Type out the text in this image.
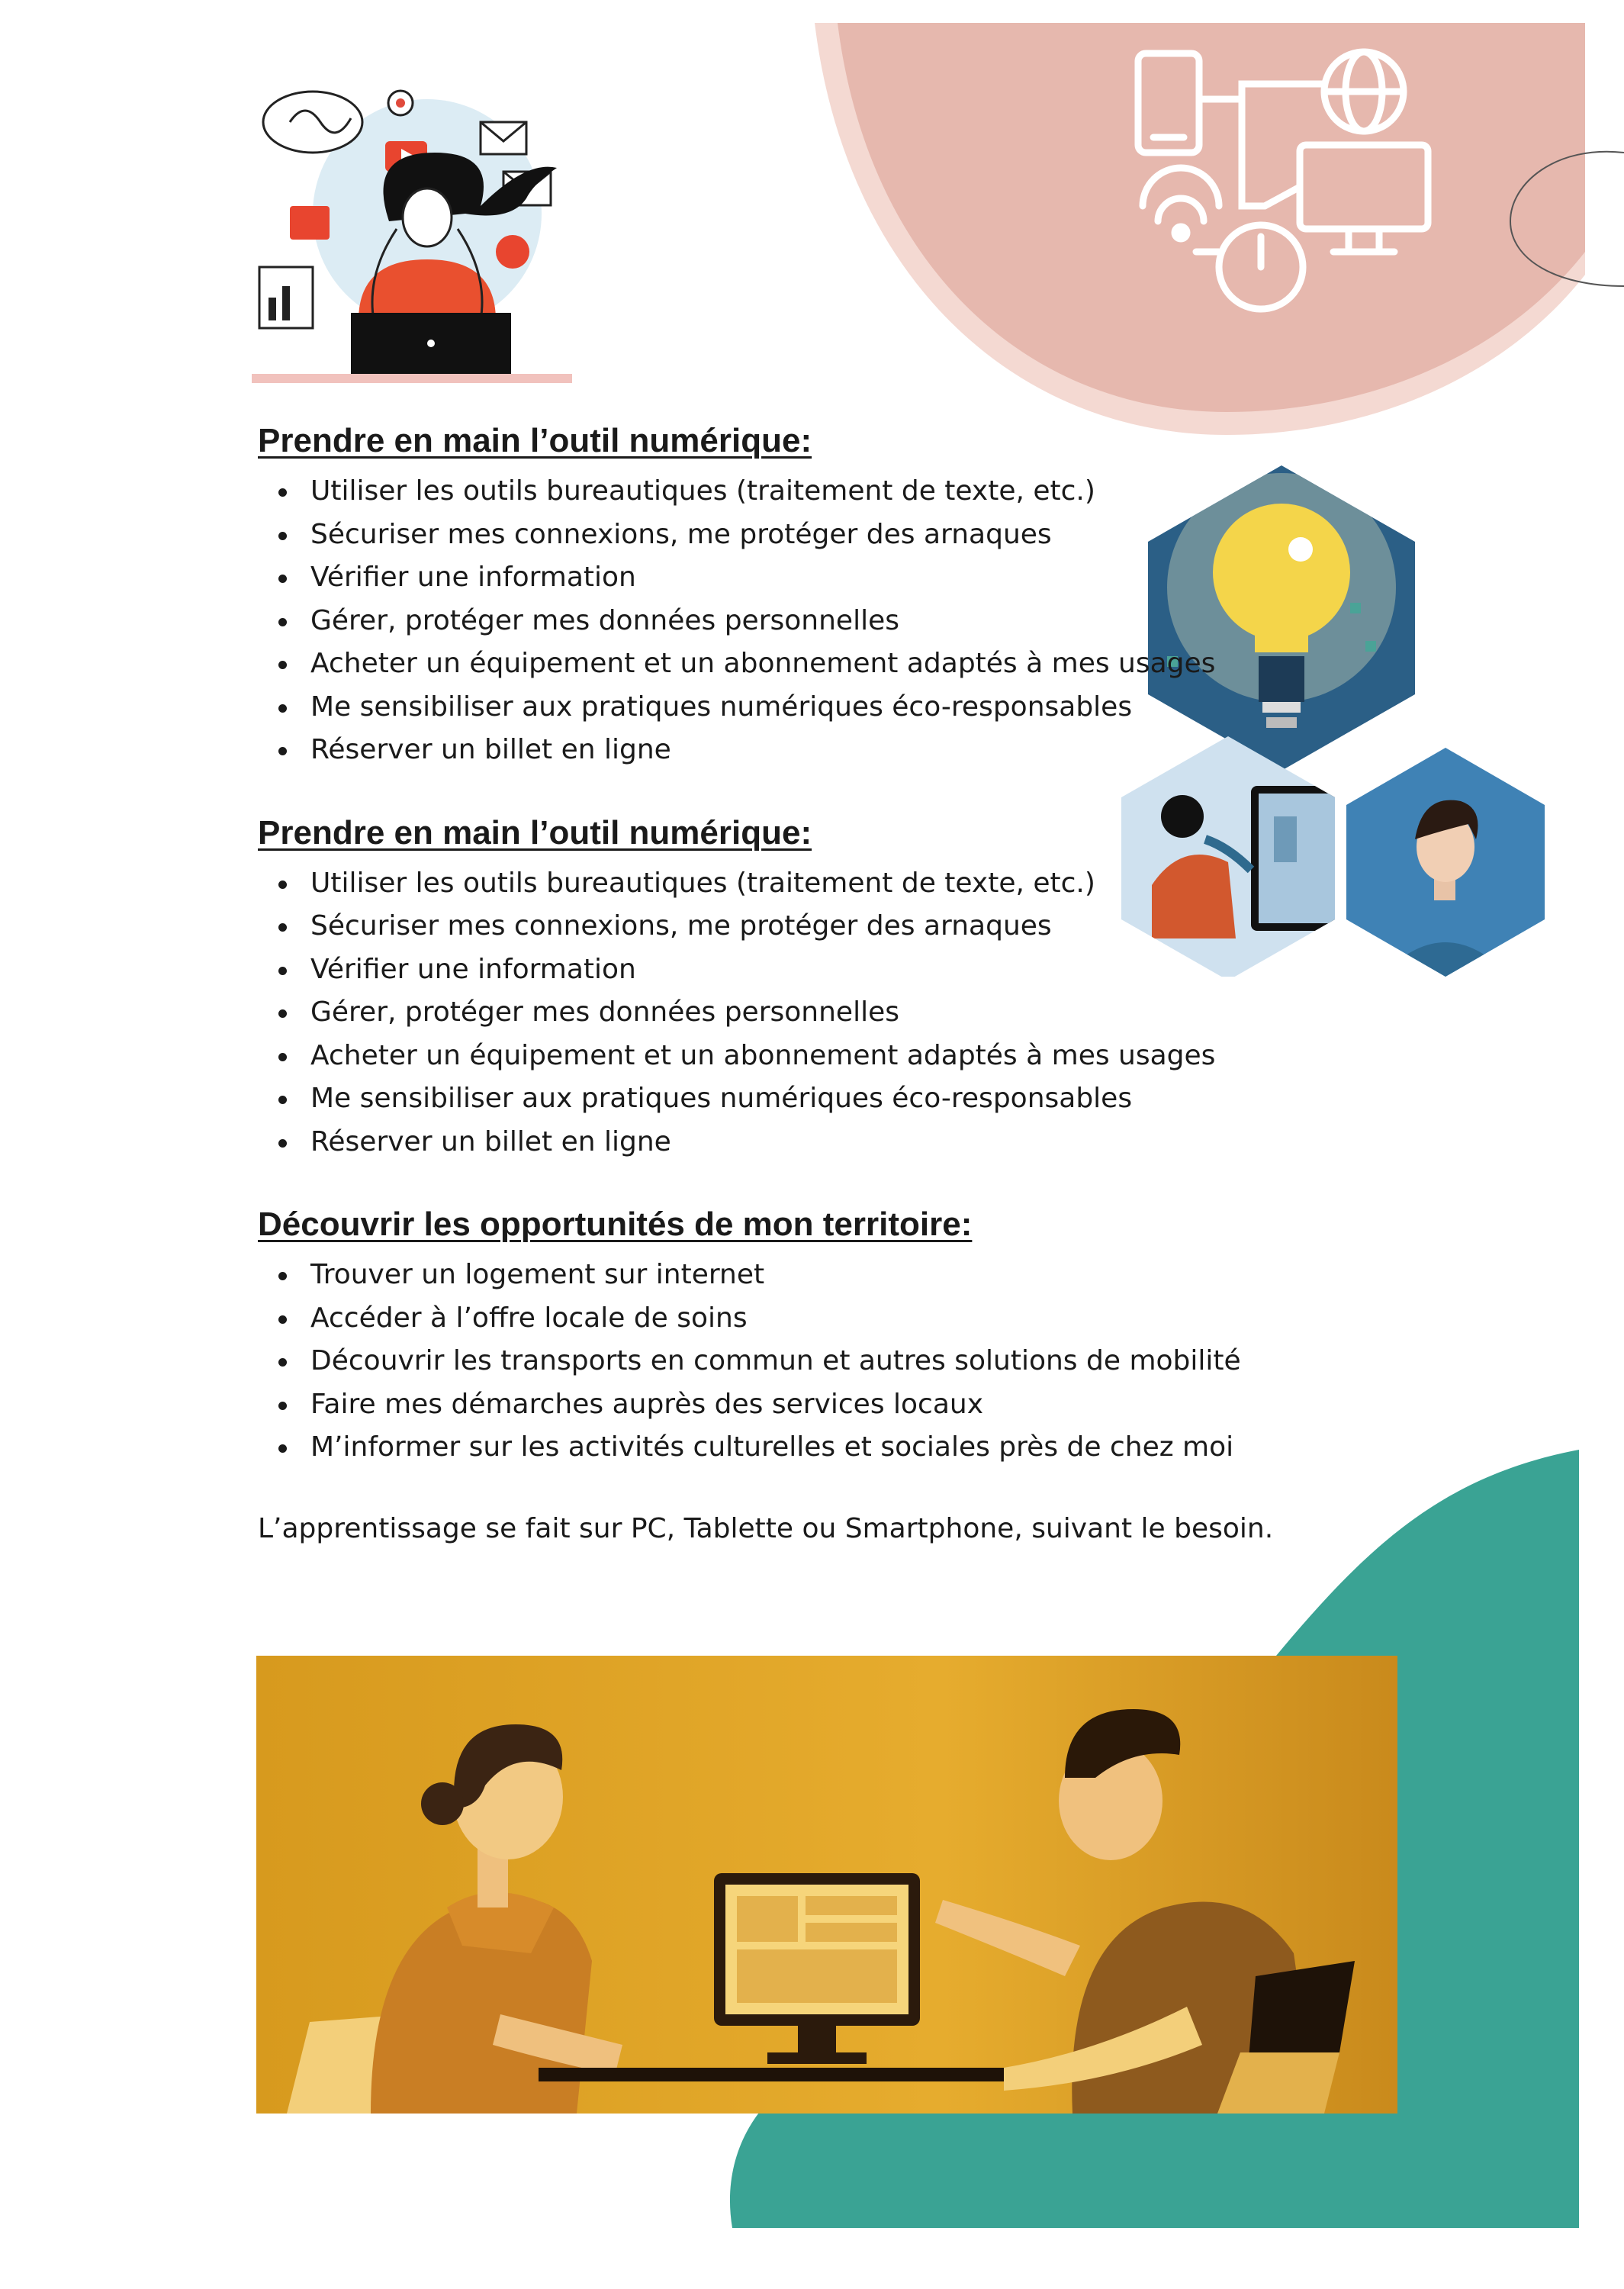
Prendre en main l’outil numérique:
Utiliser les outils bureautiques (traitement de texte, etc.)
Sécuriser mes connexions, me protéger des arnaques
Vérifier une information
Gérer, protéger mes données personnelles
Acheter un équipement et un abonnement adaptés à mes usages
Me sensibiliser aux pratiques numériques éco-responsables
Réserver un billet en ligne
Prendre en main l’outil numérique:
Utiliser les outils bureautiques (traitement de texte, etc.)
Sécuriser mes connexions, me protéger des arnaques
Vérifier une information
Gérer, protéger mes données personnelles
Acheter un équipement et un abonnement adaptés à mes usages
Me sensibiliser aux pratiques numériques éco-responsables
Réserver un billet en ligne
Découvrir les opportunités de mon territoire:
Trouver un logement sur internet
Accéder à l’offre locale de soins
Découvrir les transports en commun et autres solutions de mobilité
Faire mes démarches auprès des services locaux
M’informer sur les activités culturelles et sociales près de chez moi

L’apprentissage se fait sur PC, Tablette ou Smartphone, suivant le besoin.
